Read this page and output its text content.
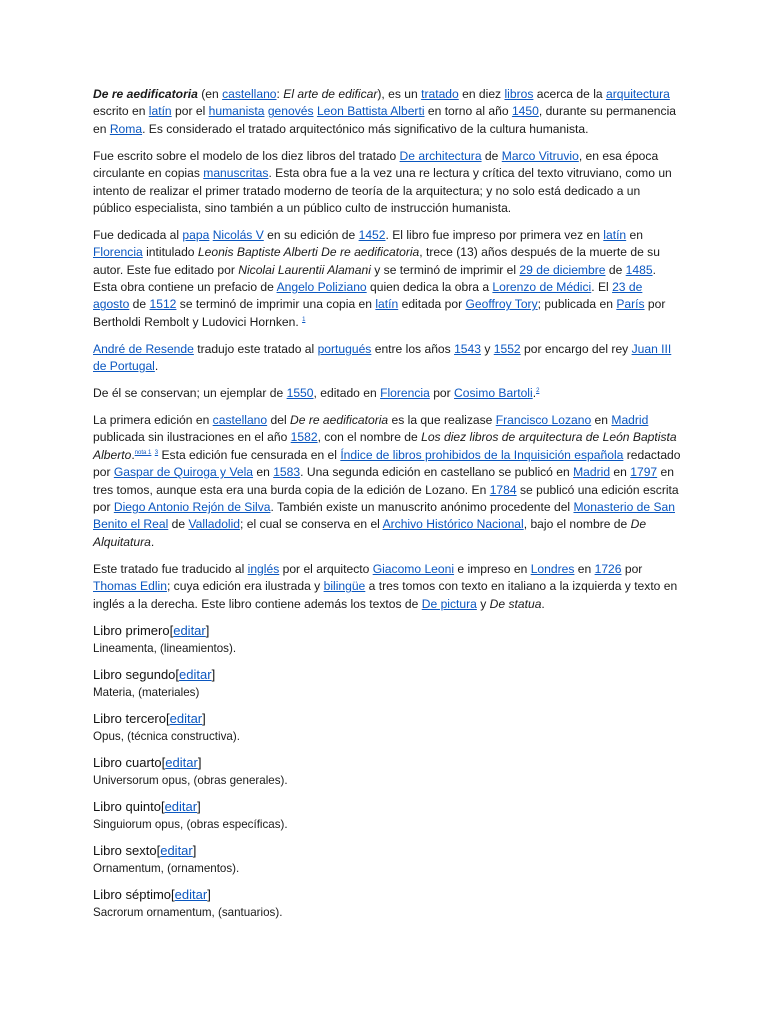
De re aedificatoria (en castellano: El arte de edificar), es un tratado en diez libros acerca de la arquitectura escrito en latín por el humanista genovés Leon Battista Alberti en torno al año 1450, durante su permanencia en Roma. Es considerado el tratado arquitectónico más significativo de la cultura humanista.

Fue escrito sobre el modelo de los diez libros del tratado De architectura de Marco Vitruvio, en esa época circulante en copias manuscritas. Esta obra fue a la vez una re lectura y crítica del texto vitruviano, como un intento de realizar el primer tratado moderno de teoría de la arquitectura; y no solo está dedicado a un público especialista, sino también a un público culto de instrucción humanista.

Fue dedicada al papa Nicolás V en su edición de 1452. El libro fue impreso por primera vez en latín en Florencia intitulado Leonis Baptiste Alberti De re aedificatoria, trece (13) años después de la muerte de su autor. Este fue editado por Nicolai Laurentii Alamani y se terminó de imprimir el 29 de diciembre de 1485. Esta obra contiene un prefacio de Angelo Poliziano quien dedica la obra a Lorenzo de Médici. El 23 de agosto de 1512 se terminó de imprimir una copia en latín editada por Geoffroy Tory; publicada en París por Bertholdi Rembolt y Ludovici Hornken. $^1$

André de Resende tradujo este tratado al portugués entre los años 1543 y 1552 por encargo del rey Juan III de Portugal.

De él se conservan; un ejemplar de 1550, editado en Florencia por Cosimo Bartoli.$^2$

La primera edición en castellano del De re aedificatoria es la que realizase Francisco Lozano en Madrid publicada sin ilustraciones en el año 1582, con el nombre de Los diez libros de arquitectura de León Baptista Alberto.$^{nota 1}$ $^3$ Esta edición fue censurada en el Índice de libros prohibidos de la Inquisición española redactado por Gaspar de Quiroga y Vela en 1583. Una segunda edición en castellano se publicó en Madrid en 1797 en tres tomos, aunque esta era una burda copia de la edición de Lozano. En 1784 se publicó una edición escrita por Diego Antonio Rejón de Silva. También existe un manuscrito anónimo procedente del Monasterio de San Benito el Real de Valladolid; el cual se conserva en el Archivo Histórico Nacional, bajo el nombre de De Alquitatura.

Este tratado fue traducido al inglés por el arquitecto Giacomo Leoni e impreso en Londres en 1726 por Thomas Edlin; cuya edición era ilustrada y bilingüe a tres tomos con texto en italiano a la izquierda y texto en inglés a la derecha. Este libro contiene además los textos de De pictura y De statua.

Libro primero[editar]
Lineamenta, (lineamientos).
Libro segundo[editar]
Materia, (materiales)
Libro tercero[editar]
Opus, (técnica constructiva).
Libro cuarto[editar]
Universorum opus, (obras generales).
Libro quinto[editar]
Singuiorum opus, (obras específicas).
Libro sexto[editar]
Ornamentum, (ornamentos).
Libro séptimo[editar]
Sacrorum ornamentum, (santuarios).
